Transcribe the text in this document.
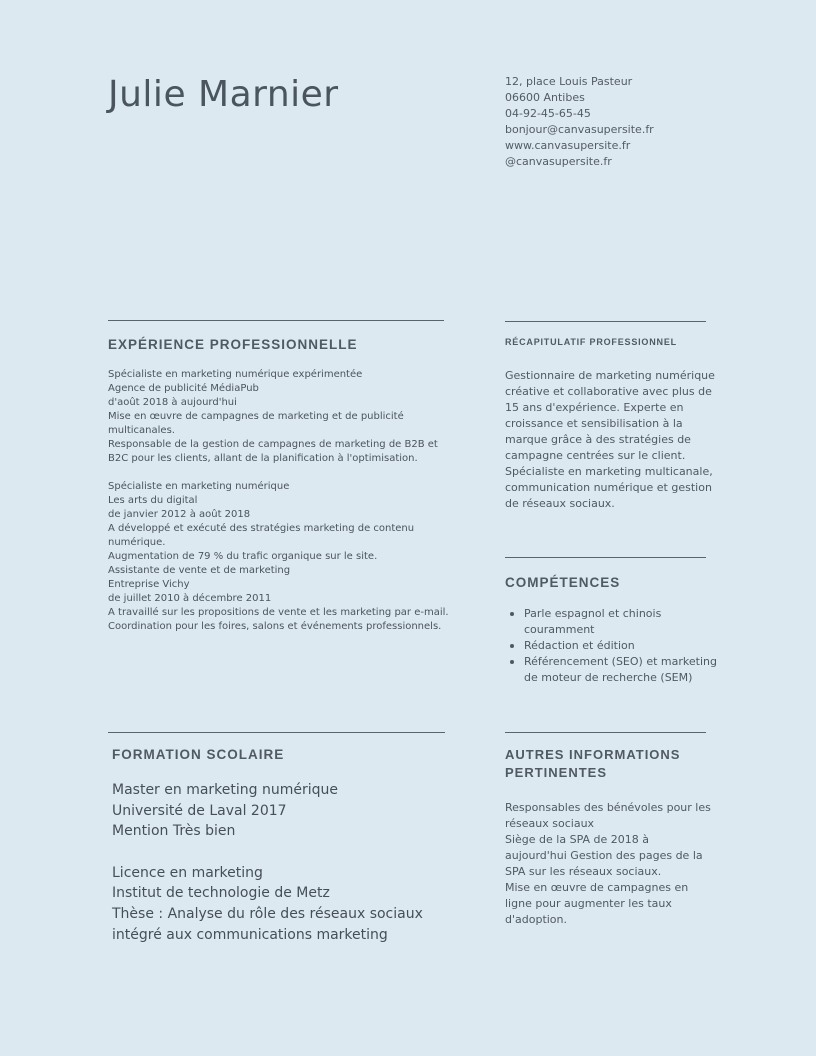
Julie Marnier	12, place Louis Pasteur
06600 Antibes
04-92-45-65-45
bonjour@canvasupersite.fr
www.canvasupersite.fr
@canvasupersite.fr
EXPÉRIENCE PROFESSIONNELLE
Spécialiste en marketing numérique expérimentée
Agence de publicité MédiaPub
d'août 2018 à aujourd'hui
Mise en œuvre de campagnes de marketing et de publicité
multicanales.
Responsable de la gestion de campagnes de marketing de B2B et
B2C pour les clients, allant de la planification à l'optimisation.
Spécialiste en marketing numérique
Les arts du digital
de janvier 2012 à août 2018
A développé et exécuté des stratégies marketing de contenu
numérique.
Augmentation de 79 % du trafic organique sur le site.
Assistante de vente et de marketing
Entreprise Vichy
de juillet 2010 à décembre 2011
A travaillé sur les propositions de vente et les marketing par e-mail.
Coordination pour les foires, salons et événements professionnels.
RÉCAPITULATIF PROFESSIONNEL
Gestionnaire de marketing numérique
créative et collaborative avec plus de
15 ans d'expérience. Experte en
croissance et sensibilisation à la
marque grâce à des stratégies de
campagne centrées sur le client.
Spécialiste en marketing multicanale,
communication numérique et gestion
de réseaux sociaux.
COMPÉTENCES
Parle espagnol et chinois
couramment
Rédaction et édition
Référencement (SEO) et marketing
de moteur de recherche (SEM)
FORMATION SCOLAIRE
Master en marketing numérique
Université de Laval 2017
Mention Très bien
Licence en marketing
Institut de technologie de Metz
Thèse : Analyse du rôle des réseaux sociaux
intégré aux communications marketing
AUTRES INFORMATIONS
PERTINENTES
Responsables des bénévoles pour les
réseaux sociaux
Siège de la SPA de 2018 à
aujourd'hui Gestion des pages de la
SPA sur les réseaux sociaux.
Mise en œuvre de campagnes en
ligne pour augmenter les taux
d'adoption.
